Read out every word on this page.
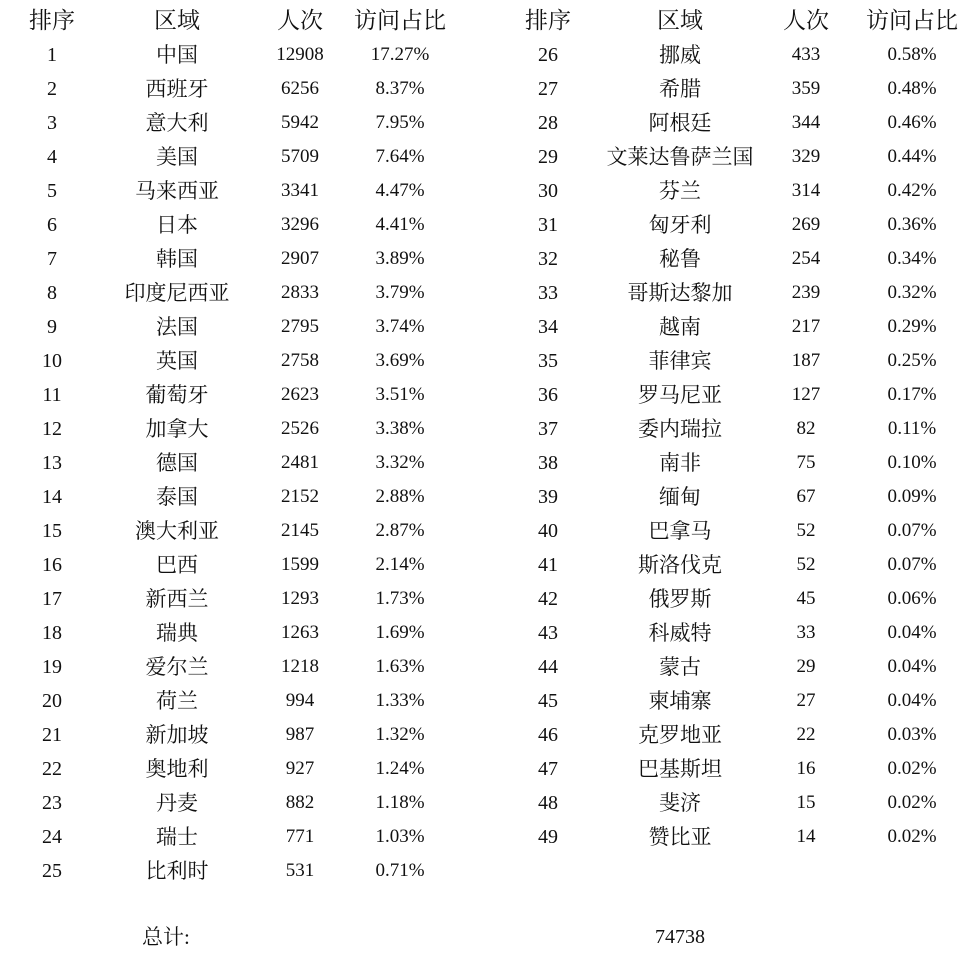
排序	区域	人次	访问占比
1	中国	12908	17.27%
2	西班牙	6256	8.37%
3	意大利	5942	7.95%
4	美国	5709	7.64%
5	马来西亚	3341	4.47%
6	日本	3296	4.41%
7	韩国	2907	3.89%
8	印度尼西亚	2833	3.79%
9	法国	2795	3.74%
10	英国	2758	3.69%
11	葡萄牙	2623	3.51%
12	加拿大	2526	3.38%
13	德国	2481	3.32%
14	泰国	2152	2.88%
15	澳大利亚	2145	2.87%
16	巴西	1599	2.14%
17	新西兰	1293	1.73%
18	瑞典	1263	1.69%
19	爱尔兰	1218	1.63%
20	荷兰	994	1.33%
21	新加坡	987	1.32%
22	奥地利	927	1.24%
23	丹麦	882	1.18%
24	瑞士	771	1.03%
25	比利时	531	0.71%
排序	区域	人次	访问占比
26	挪威	433	0.58%
27	希腊	359	0.48%
28	阿根廷	344	0.46%
29	文莱达鲁萨兰国	329	0.44%
30	芬兰	314	0.42%
31	匈牙利	269	0.36%
32	秘鲁	254	0.34%
33	哥斯达黎加	239	0.32%
34	越南	217	0.29%
35	菲律宾	187	0.25%
36	罗马尼亚	127	0.17%
37	委内瑞拉	82	0.11%
38	南非	75	0.10%
39	缅甸	67	0.09%
40	巴拿马	52	0.07%
41	斯洛伐克	52	0.07%
42	俄罗斯	45	0.06%
43	科威特	33	0.04%
44	蒙古	29	0.04%
45	柬埔寨	27	0.04%
46	克罗地亚	22	0.03%
47	巴基斯坦	16	0.02%
48	斐济	15	0.02%
49	赞比亚	14	0.02%
总计:	74738
